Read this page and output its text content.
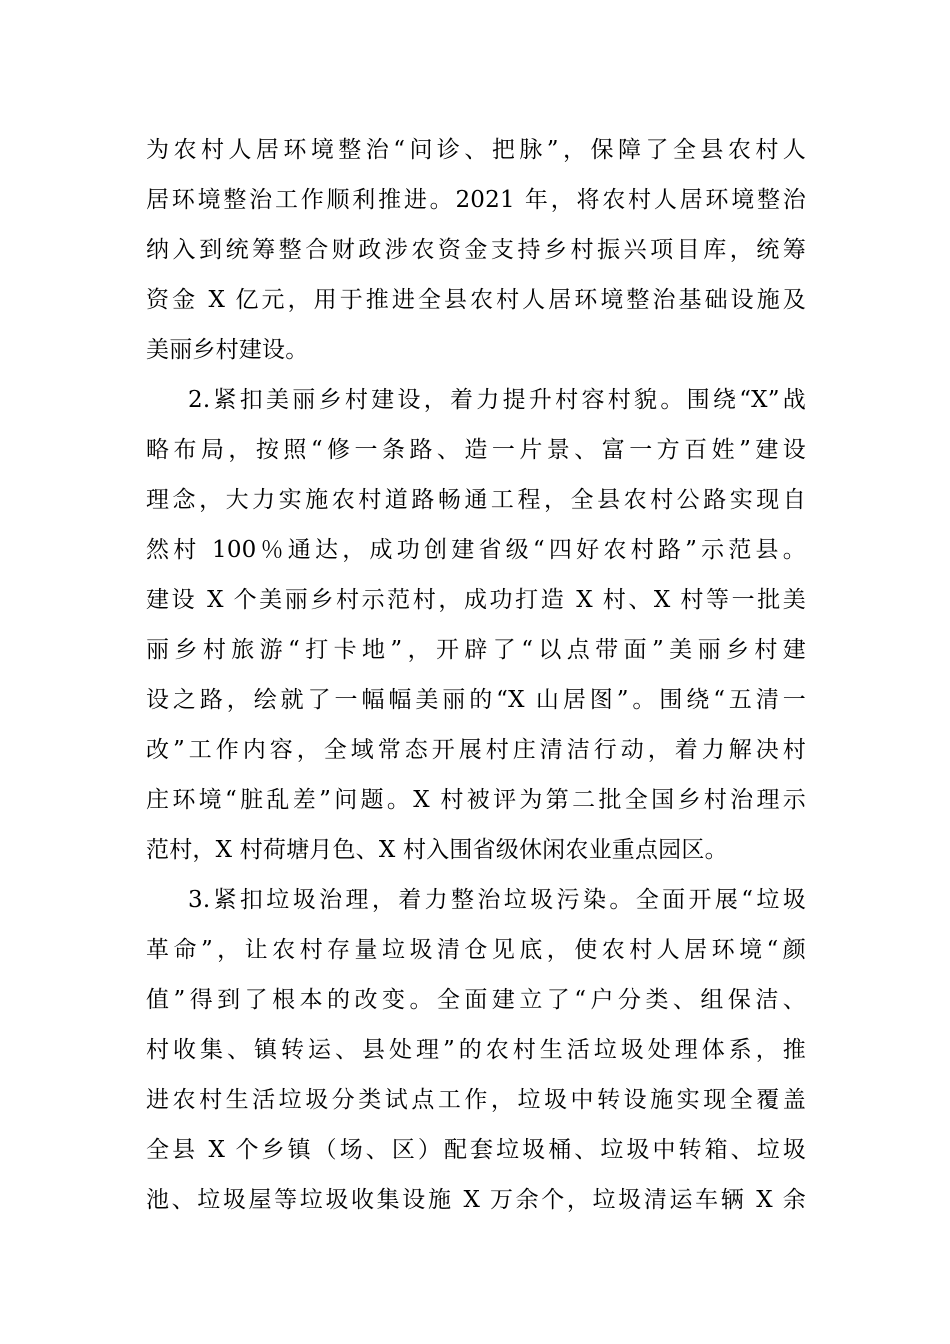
为农村人居环境整治“问诊、把脉”，保障了全县农村人
居环境整治工作顺利推进。2021 年，将农村人居环境整治
纳入到统筹整合财政涉农资金支持乡村振兴项目库，统筹
资金 X 亿元，用于推进全县农村人居环境整治基础设施及
美丽乡村建设。
2.紧扣美丽乡村建设，着力提升村容村貌。围绕“X”战
略布局，按照“修一条路、造一片景、富一方百姓”建设
理念，大力实施农村道路畅通工程，全县农村公路实现自
然村 100％通达，成功创建省级“四好农村路”示范县。
建设 X 个美丽乡村示范村，成功打造 X 村、X 村等一批美
丽乡村旅游“打卡地”，开辟了“以点带面”美丽乡村建
设之路，绘就了一幅幅美丽的“X 山居图”。围绕“五清一
改”工作内容，全域常态开展村庄清洁行动，着力解决村
庄环境“脏乱差”问题。X 村被评为第二批全国乡村治理示
范村，X 村荷塘月色、X 村入围省级休闲农业重点园区。
3.紧扣垃圾治理，着力整治垃圾污染。全面开展“垃圾
革命”，让农村存量垃圾清仓见底，使农村人居环境“颜
值”得到了根本的改变。全面建立了“户分类、组保洁、
村收集、镇转运、县处理”的农村生活垃圾处理体系，推
进农村生活垃圾分类试点工作，垃圾中转设施实现全覆盖
全县 X 个乡镇（场、区）配套垃圾桶、垃圾中转箱、垃圾
池、垃圾屋等垃圾收集设施 X 万余个，垃圾清运车辆 X 余
